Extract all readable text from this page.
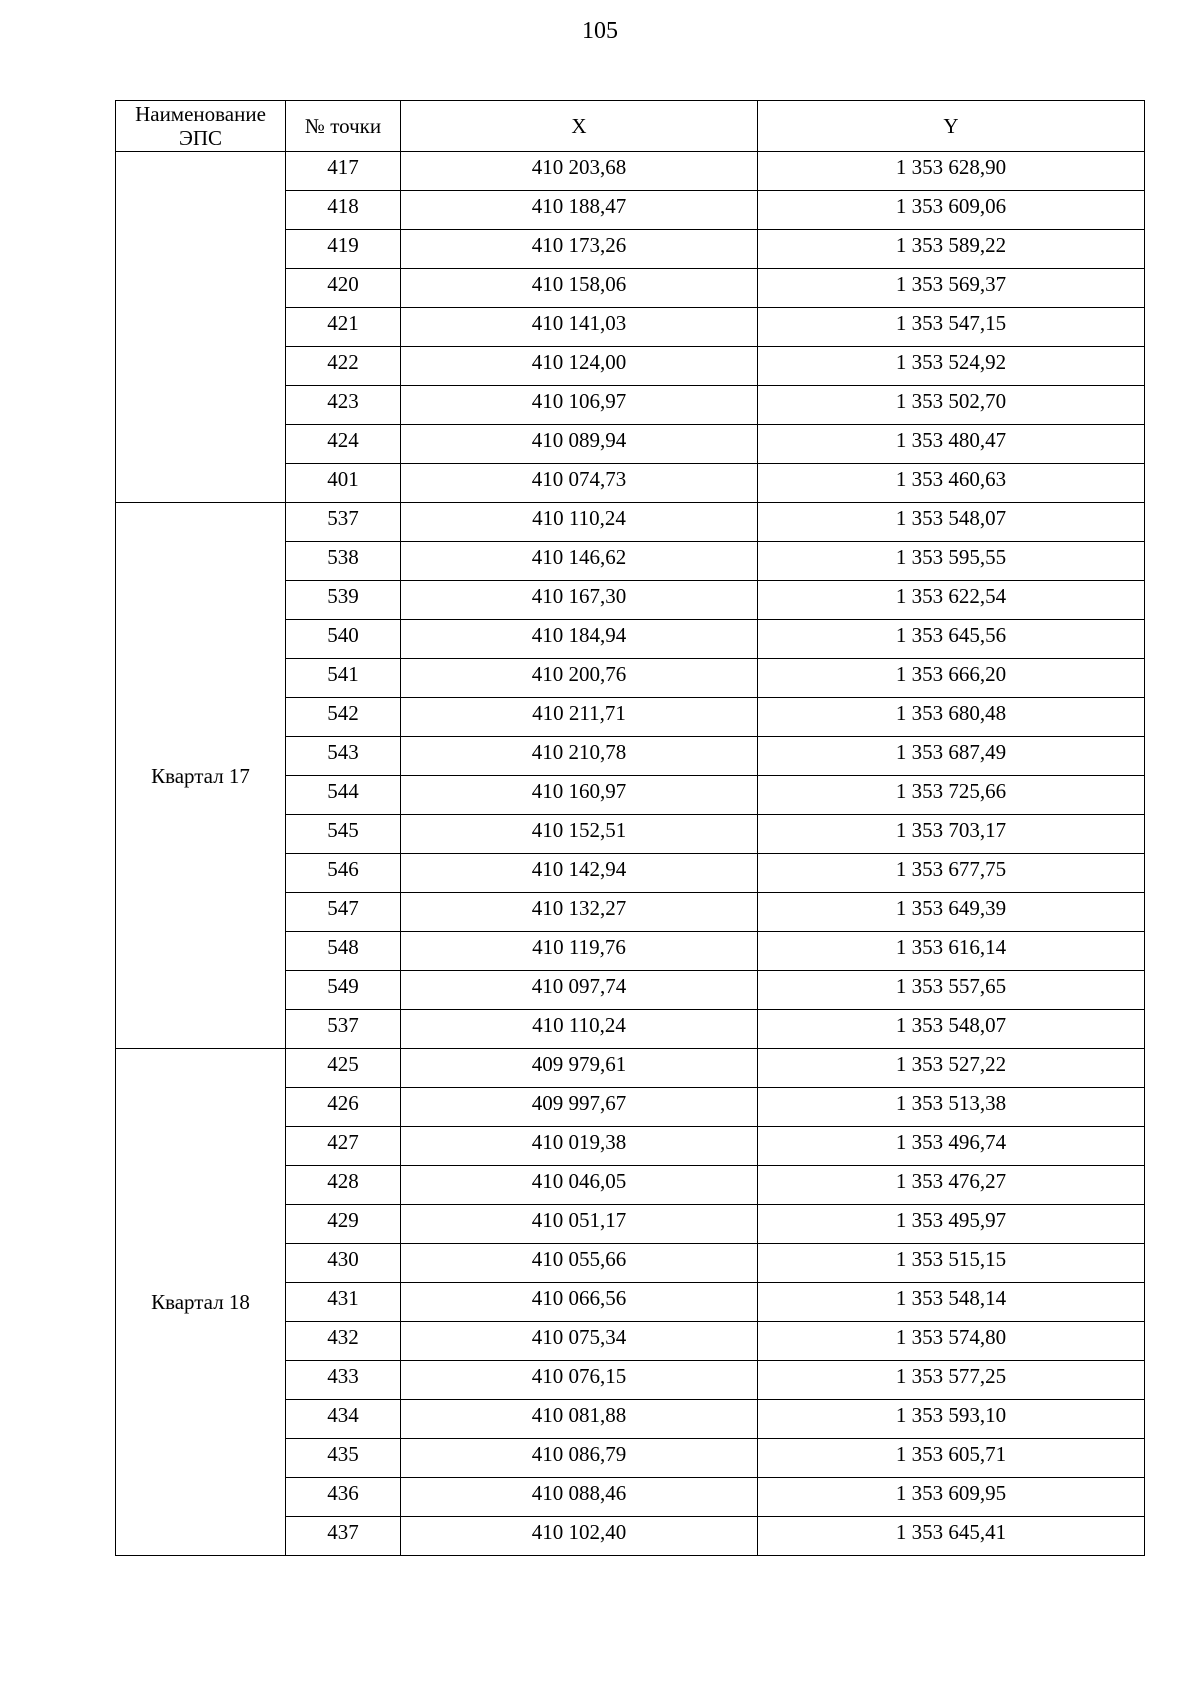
105
Наименование
ЭПС	№ точки	X	Y
	417	410 203,68	1 353 628,90
	418	410 188,47	1 353 609,06
	419	410 173,26	1 353 589,22
	420	410 158,06	1 353 569,37
	421	410 141,03	1 353 547,15
	422	410 124,00	1 353 524,92
	423	410 106,97	1 353 502,70
	424	410 089,94	1 353 480,47
	401	410 074,73	1 353 460,63
Квартал 17	537	410 110,24	1 353 548,07
	538	410 146,62	1 353 595,55
	539	410 167,30	1 353 622,54
	540	410 184,94	1 353 645,56
	541	410 200,76	1 353 666,20
	542	410 211,71	1 353 680,48
	543	410 210,78	1 353 687,49
	544	410 160,97	1 353 725,66
	545	410 152,51	1 353 703,17
	546	410 142,94	1 353 677,75
	547	410 132,27	1 353 649,39
	548	410 119,76	1 353 616,14
	549	410 097,74	1 353 557,65
	537	410 110,24	1 353 548,07
Квартал 18	425	409 979,61	1 353 527,22
	426	409 997,67	1 353 513,38
	427	410 019,38	1 353 496,74
	428	410 046,05	1 353 476,27
	429	410 051,17	1 353 495,97
	430	410 055,66	1 353 515,15
	431	410 066,56	1 353 548,14
	432	410 075,34	1 353 574,80
	433	410 076,15	1 353 577,25
	434	410 081,88	1 353 593,10
	435	410 086,79	1 353 605,71
	436	410 088,46	1 353 609,95
	437	410 102,40	1 353 645,41
